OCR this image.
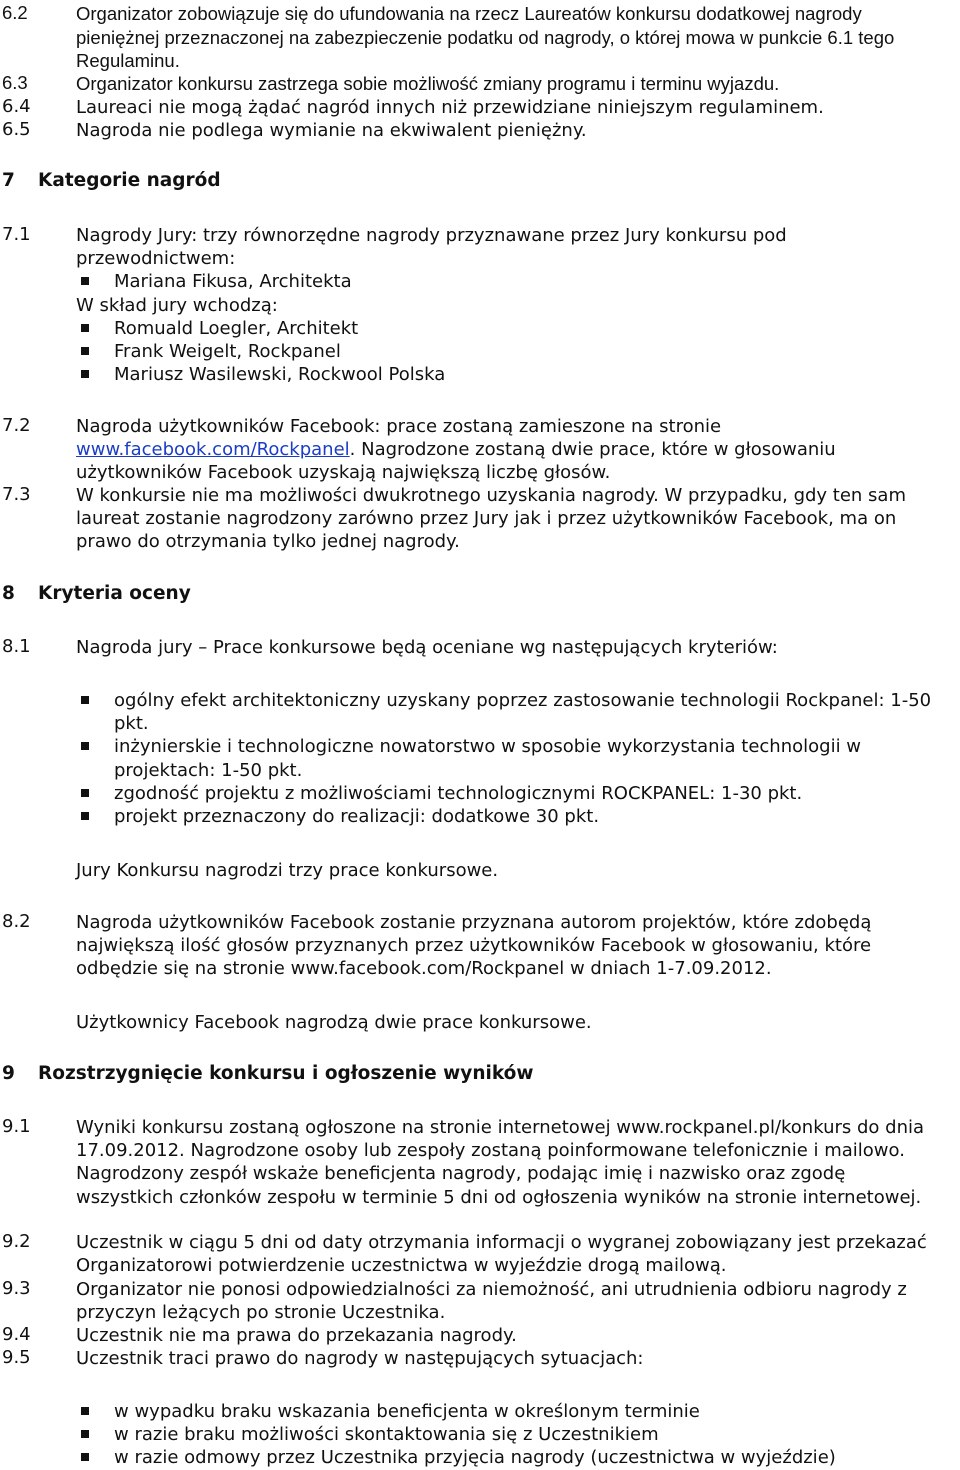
6.2	Organizator zobowiązuje się do ufundowania na rzecz Laureatów konkursu dodatkowej nagrody pieniężnej przeznaczonej na zabezpieczenie podatku od nagrody, o której mowa w punkcie 6.1 tego Regulaminu.
6.3	Organizator konkursu zastrzega sobie możliwość zmiany programu i terminu wyjazdu.
6.4	Laureaci nie mogą żądać nagród innych niż przewidziane niniejszym regulaminem.
6.5	Nagroda nie podlega wymianie na ekwiwalent pieniężny.
7 Kategorie nagród
7.1	Nagrody Jury: trzy równorzędne nagrody przyznawane przez Jury konkursu pod przewodnictwem:
Mariana Fikusa, Architekta
W skład jury wchodzą:
Romuald Loegler, Architekt
Frank Weigelt, Rockpanel
Mariusz Wasilewski, Rockwool Polska
7.2	Nagroda użytkowników Facebook: prace zostaną zamieszone na stronie www.facebook.com/Rockpanel. Nagrodzone zostaną dwie prace, które w głosowaniu użytkowników Facebook uzyskają największą liczbę głosów.
7.3	W konkursie nie ma możliwości dwukrotnego uzyskania nagrody. W przypadku, gdy ten sam laureat zostanie nagrodzony zarówno przez Jury jak i przez użytkowników Facebook, ma on prawo do otrzymania tylko jednej nagrody.
8 Kryteria oceny
8.1	Nagroda jury – Prace konkursowe będą oceniane wg następujących kryteriów:
ogólny efekt architektoniczny uzyskany poprzez zastosowanie technologii Rockpanel: 1-50 pkt.
inżynierskie i technologiczne nowatorstwo w sposobie wykorzystania technologii w projektach: 1-50 pkt.
zgodność projektu z możliwościami technologicznymi ROCKPANEL: 1-30 pkt.
projekt przeznaczony do realizacji: dodatkowe 30 pkt.
Jury Konkursu nagrodzi trzy prace konkursowe.
8.2	Nagroda użytkowników Facebook zostanie przyznana autorom projektów, które zdobędą największą ilość głosów przyznanych przez użytkowników Facebook w głosowaniu, które odbędzie się na stronie www.facebook.com/Rockpanel w dniach 1-7.09.2012.
Użytkownicy Facebook nagrodzą dwie prace konkursowe.
9 Rozstrzygnięcie konkursu i ogłoszenie wyników
9.1	Wyniki konkursu zostaną ogłoszone na stronie internetowej www.rockpanel.pl/konkurs do dnia 17.09.2012. Nagrodzone osoby lub zespoły zostaną poinformowane telefonicznie i mailowo. Nagrodzony zespół wskaże beneficjenta nagrody, podając imię i nazwisko oraz zgodę wszystkich członków zespołu w terminie 5 dni od ogłoszenia wyników na stronie internetowej.
9.2	Uczestnik w ciągu 5 dni od daty otrzymania informacji o wygranej zobowiązany jest przekazać Organizatorowi potwierdzenie uczestnictwa w wyjeździe drogą mailową.
9.3	Organizator nie ponosi odpowiedzialności za niemożność, ani utrudnienia odbioru nagrody z przyczyn leżących po stronie Uczestnika.
9.4	Uczestnik nie ma prawa do przekazania nagrody.
9.5	Uczestnik traci prawo do nagrody w następujących sytuacjach:
w wypadku braku wskazania beneficjenta w określonym terminie
w razie braku możliwości skontaktowania się z Uczestnikiem
w razie odmowy przez Uczestnika przyjęcia nagrody (uczestnictwa w wyjeździe)
